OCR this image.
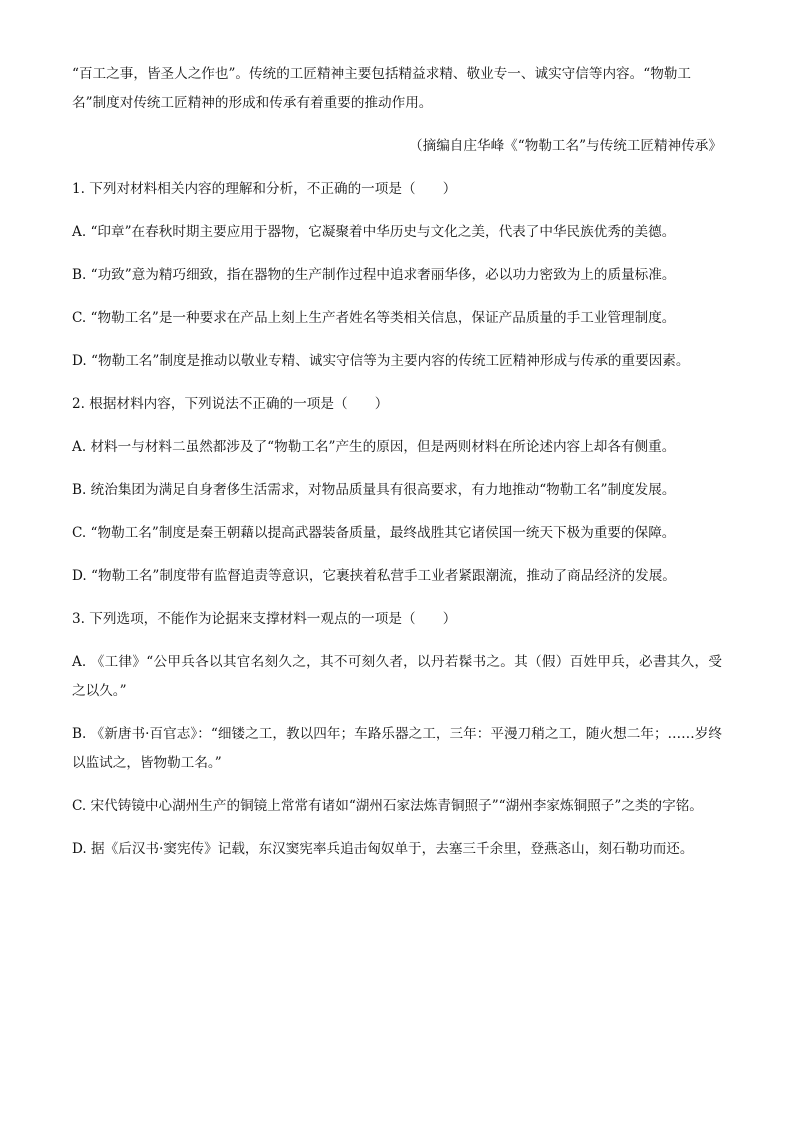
“百工之事，皆圣人之作也”。传统的工匠精神主要包括精益求精、敬业专一、诚实守信等内容。“物勒工
名”制度对传统工匠精神的形成和传承有着重要的推动作用。

（摘编自庄华峰《“物勒工名”与传统工匠精神传承》
1. 下列对材料相关内容的理解和分析，不正确的一项是（　　）
A. “印章”在春秋时期主要应用于器物，它凝聚着中华历史与文化之美，代表了中华民族优秀的美德。
B. “功致”意为精巧细致，指在器物的生产制作过程中追求奢丽华侈，必以功力密致为上的质量标准。
C. “物勒工名”是一种要求在产品上刻上生产者姓名等类相关信息，保证产品质量的手工业管理制度。
D. “物勒工名”制度是推动以敬业专精、诚实守信等为主要内容的传统工匠精神形成与传承的重要因素。
2. 根据材料内容，下列说法不正确的一项是（　　）
A. 材料一与材料二虽然都涉及了“物勒工名”产生的原因，但是两则材料在所论述内容上却各有侧重。
B. 统治集团为满足自身奢侈生活需求，对物品质量具有很高要求，有力地推动“物勒工名”制度发展。
C. “物勒工名”制度是秦王朝藉以提高武器装备质量，最终战胜其它诸侯国一统天下极为重要的保障。
D. “物勒工名”制度带有监督追责等意识，它裹挟着私营手工业者紧跟潮流，推动了商品经济的发展。
3. 下列选项，不能作为论据来支撑材料一观点的一项是（　　）
A. 《工律》“公甲兵各以其官名刻久之，其不可刻久者，以丹若髹书之。其（假）百姓甲兵，必書其久，受之以久。”
B. 《新唐书·百官志》：“细镂之工，教以四年；车路乐器之工，三年：平漫刀稍之工，随火想二年；……岁终以监试之，皆物勒工名。”
C. 宋代铸镜中心湖州生产的铜镜上常常有诸如“湖州石家法炼青铜照子”“湖州李家炼铜照子”之类的字铭。
D. 据《后汉书·窦宪传》记载，东汉窦宪率兵追击匈奴单于，去塞三千余里，登燕忞山，刻石勒功而还。
